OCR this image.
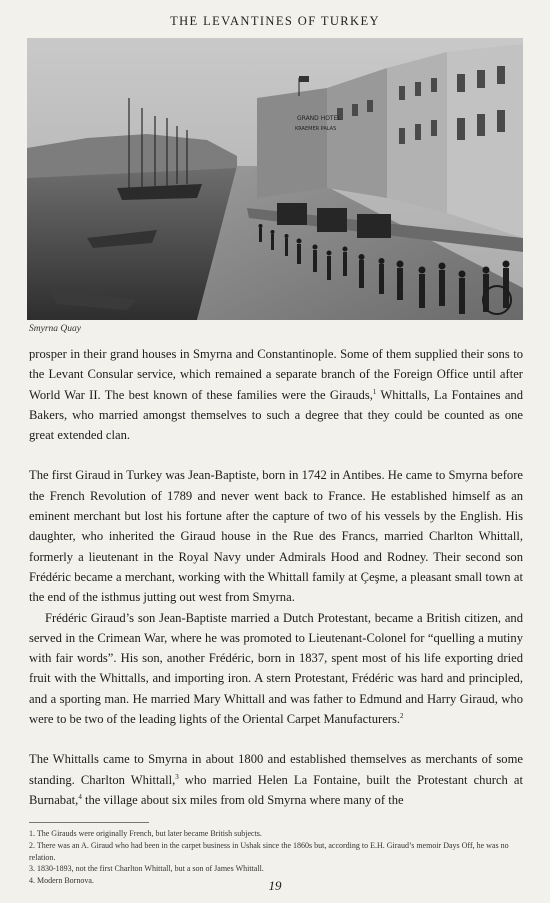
THE LEVANTINES OF TURKEY
GRAND HOTEL
KRAEMER PALAS
Smyrna Quay

prosper in their grand houses in Smyrna and Constantinople. Some of them supplied their sons to the Levant Consular service, which remained a separate branch of the Foreign Office until after World War II. The best known of these families were the Girauds,$^1$ Whittalls, La Fontaines and Bakers, who married amongst themselves to such a degree that they could be counted as one great extended clan.

The first Giraud in Turkey was Jean-Baptiste, born in 1742 in Antibes. He came to Smyrna before the French Revolution of 1789 and never went back to France. He established himself as an eminent merchant but lost his fortune after the capture of two of his vessels by the English. His daughter, who inherited the Giraud house in the Rue des Francs, married Charlton Whittall, formerly a lieutenant in the Royal Navy under Admirals Hood and Rodney. Their second son Frédéric became a merchant, working with the Whittall family at Çeşme, a pleasant small town at the end of the isthmus jutting out west from Smyrna.

Frédéric Giraud’s son Jean-Baptiste married a Dutch Protestant, became a British citizen, and served in the Crimean War, where he was promoted to Lieutenant-Colonel for “quelling a mutiny with fair words”. His son, another Frédéric, born in 1837, spent most of his life exporting dried fruit with the Whittalls, and importing iron. A stern Protestant, Frédéric was hard and principled, and a sporting man. He married Mary Whittall and was father to Edmund and Harry Giraud, who were to be two of the leading lights of the Oriental Carpet Manufacturers.$^2$

The Whittalls came to Smyrna in about 1800 and established themselves as merchants of some standing. Charlton Whittall,$^3$ who married Helen La Fontaine, built the Protestant church at Burnabat,$^4$ the village about six miles from old Smyrna where many of the

1. The Girauds were originally French, but later became British subjects.
2. There was an A. Giraud who had been in the carpet business in Ushak since the 1860s but, according to E.H. Giraud’s memoir Days Off, he was no relation.
3. 1830-1893, not the first Charlton Whittall, but a son of James Whittall.
4. Modern Bornova.	19
